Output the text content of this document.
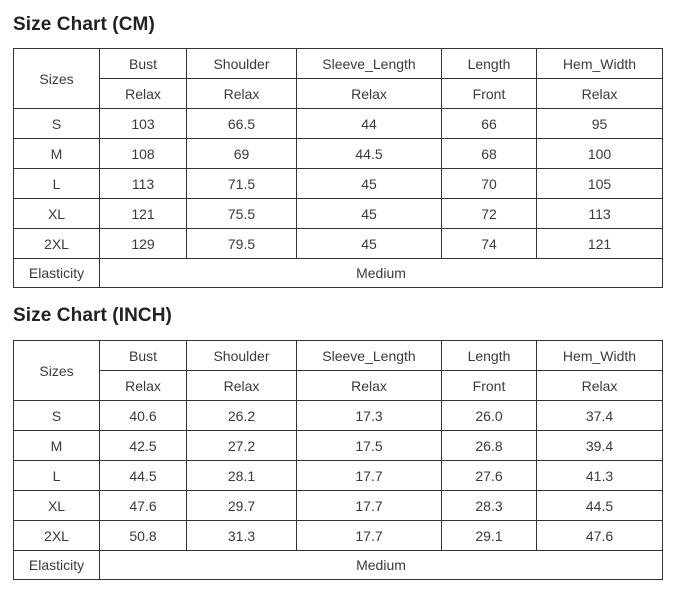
Size Chart (CM)
Sizes	Bust	Shoulder	Sleeve_Length	Length	Hem_Width
	Relax	Relax	Relax	Front	Relax
S	103	66.5	44	66	95
M	108	69	44.5	68	100
L	113	71.5	45	70	105
XL	121	75.5	45	72	113
2XL	129	79.5	45	74	121
Elasticity	Medium				
Size Chart (INCH)
Sizes	Bust	Shoulder	Sleeve_Length	Length	Hem_Width
	Relax	Relax	Relax	Front	Relax
S	40.6	26.2	17.3	26.0	37.4
M	42.5	27.2	17.5	26.8	39.4
L	44.5	28.1	17.7	27.6	41.3
XL	47.6	29.7	17.7	28.3	44.5
2XL	50.8	31.3	17.7	29.1	47.6
Elasticity	Medium				
